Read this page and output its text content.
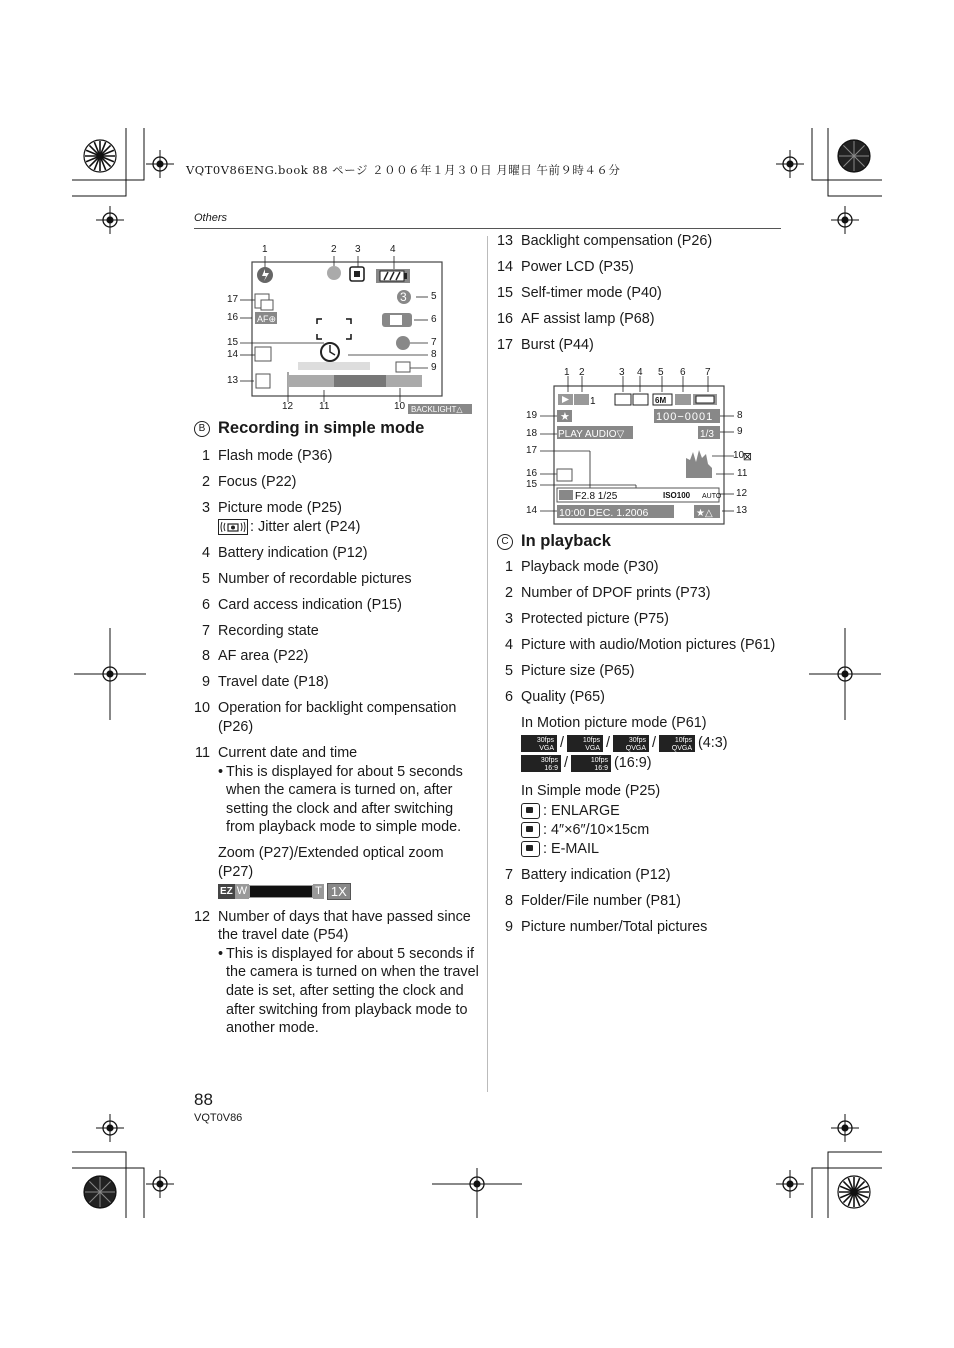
VQT0V86ENG.book 88 ページ ２００６年１月３０日 月曜日 午前９時４６分
Others
3
AF⊕
BACKLIGHT△
1	2 3	4
5
6
7
8
9
10
11
12
13
14
15
16
17
B Recording in simple mode
1 Flash mode (P36)
2 Focus (P22)
3 Picture mode (P25)
: Jitter alert (P24)
4 Battery indication (P12)
5 Number of recordable pictures
6 Card access indication (P15)
7 Recording state
8 AF area (P22)
9 Travel date (P18)
10 Operation for backlight compensation (P26)
11 Current date and time
• This is displayed for about 5 seconds when the camera is turned on, after setting the clock and after switching from playback mode to simple mode.
Zoom (P27)/Extended optical zoom (P27)
EZ W	T 1X
12 Number of days that have passed since the travel date (P54)
• This is displayed for about 5 seconds if the camera is turned on when the travel date is set, after setting the clock and after switching from playback mode to another mode.
13 Backlight compensation (P26)
14 Power LCD (P35)
15 Self-timer mode (P40)
16 AF assist lamp (P68)
17 Burst (P44)
1	6M
★	100−0001
1/3
PLAY AUDIO▽
F2.8 1/25	ISO100 AUTO
10:00 DEC. 1.2006	★△
⊠
1 2	3 4 5 6 7
8
9
10
11
12
13
14
15
16
17
18
19
C In playback
1 Playback mode (P30)
2 Number of DPOF prints (P73)
3 Protected picture (P75)
4 Picture with audio/Motion pictures (P61)
5 Picture size (P65)
6 Quality (P65)
In Motion picture mode (P61)
30fps
VGA /	10fps
VGA /	30fps
QVGA /	10fps
QVGA (4:3)
30fps
16:9 /	10fps
16:9 (16:9)
In Simple mode (P25)
: ENLARGE
: 4″×6″/10×15cm
: E-MAIL
7 Battery indication (P12)
8 Folder/File number (P81)
9 Picture number/Total pictures
88
VQT0V86
